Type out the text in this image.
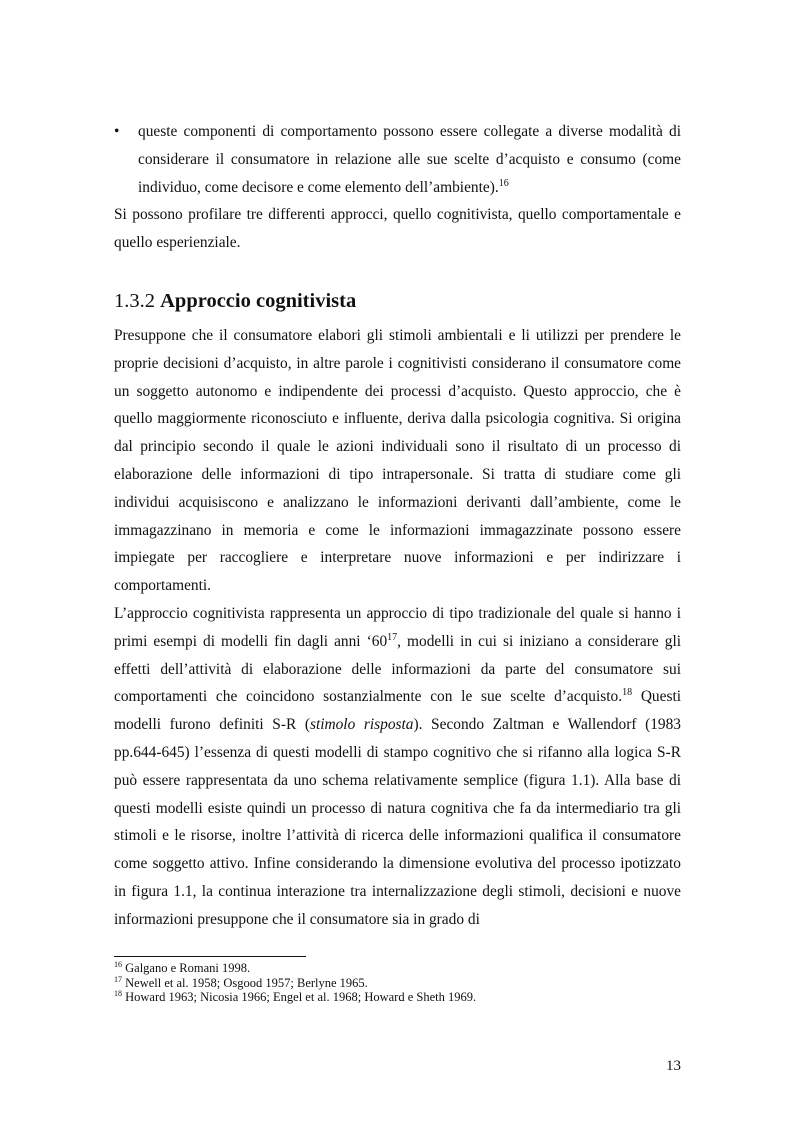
•	queste componenti di comportamento possono essere collegate a diverse modalità di considerare il consumatore in relazione alle sue scelte d’acquisto e consumo (come individuo, come decisore e come elemento dell’ambiente).$^{16}$

Si possono profilare tre differenti approcci, quello cognitivista, quello comportamentale e quello esperienziale.

1.3.2 Approccio cognitivista

Presuppone che il consumatore elabori gli stimoli ambientali e li utilizzi per prendere le proprie decisioni d’acquisto, in altre parole i cognitivisti considerano il consumatore come un soggetto autonomo e indipendente dei processi d’acquisto. Questo approccio, che è quello maggiormente riconosciuto e influente, deriva dalla psicologia cognitiva. Si origina dal principio secondo il quale le azioni individuali sono il risultato di un processo di elaborazione delle informazioni di tipo intrapersonale. Si tratta di studiare come gli individui acquisiscono e analizzano le informazioni derivanti dall’ambiente, come le immagazzinano in memoria e come le informazioni immagazzinate possono essere impiegate per raccogliere e interpretare nuove informazioni e per indirizzare i comportamenti.

L’approccio cognitivista rappresenta un approccio di tipo tradizionale del quale si hanno i primi esempi di modelli fin dagli anni ‘$60^{17}$, modelli in cui si iniziano a considerare gli effetti dell’attività di elaborazione delle informazioni da parte del consumatore sui comportamenti che coincidono sostanzialmente con le sue scelte d’acquisto.$^{18}$ Questi modelli furono definiti S-R (stimolo risposta). Secondo Zaltman e Wallendorf (1983 pp.644-645) l’essenza di questi modelli di stampo cognitivo che si rifanno alla logica S-R può essere rappresentata da uno schema relativamente semplice (figura 1.1). Alla base di questi modelli esiste quindi un processo di natura cognitiva che fa da intermediario tra gli stimoli e le risorse, inoltre l’attività di ricerca delle informazioni qualifica il consumatore come soggetto attivo. Infine considerando la dimensione evolutiva del processo ipotizzato in figura 1.1, la continua interazione tra internalizzazione degli stimoli, decisioni e nuove informazioni presuppone che il consumatore sia in grado di

$^{16}$ Galgano e Romani 1998.

$^{17}$ Newell et al. 1958; Osgood 1957; Berlyne 1965.

$^{18}$ Howard 1963; Nicosia 1966; Engel et al. 1968; Howard e Sheth 1969.

13
